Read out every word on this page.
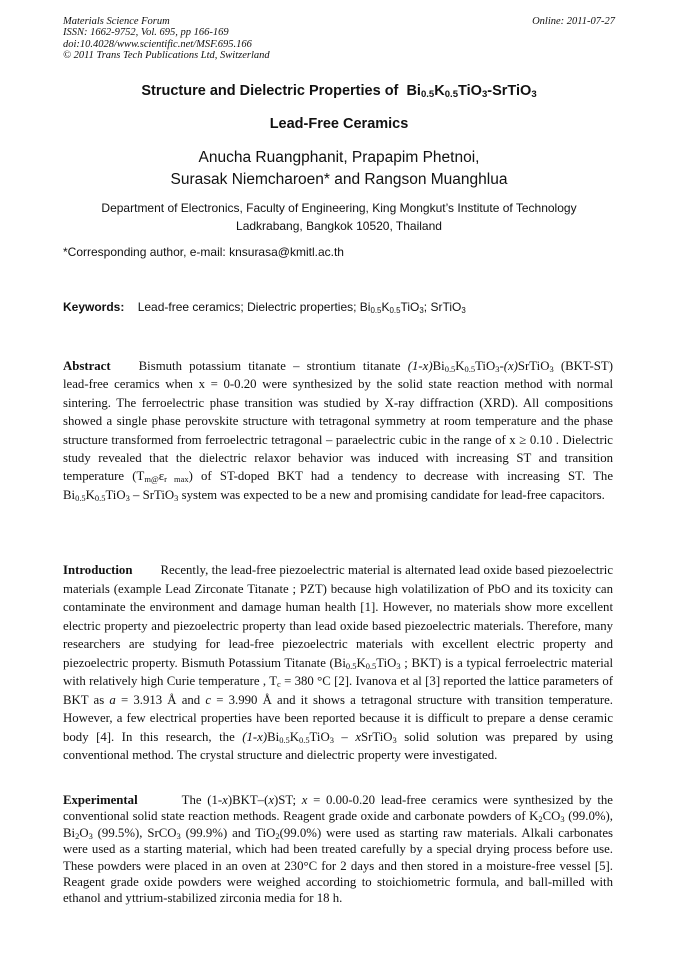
Materials Science Forum
ISSN: 1662-9752, Vol. 695, pp 166-169
doi:10.4028/www.scientific.net/MSF.695.166
© 2011 Trans Tech Publications Ltd, Switzerland
Online: 2011-07-27
Structure and Dielectric Properties of $Bi_{0.5}K_{0.5}TiO_3-SrTiO_3$
Lead-Free Ceramics
Anucha Ruangphanit, Prapapim Phetnoi,
Surasak Niemcharoen* and Rangson Muanghlua
Department of Electronics, Faculty of Engineering, King Mongkut’s Institute of Technology
Ladkrabang, Bangkok 10520, Thailand
*Corresponding author, e-mail: knsurasa@kmitl.ac.th
Keywords: Lead-free ceramics; Dielectric properties; $Bi_{0.5}K_{0.5}TiO_3$; SrTiO$_3$
Abstract Bismuth potassium titanate – strontium titanate $(1-x)Bi_{0.5}K_{0.5}TiO_3-(x)SrTiO_3$ (BKT-ST) lead-free ceramics when x = 0-0.20 were synthesized by the solid state reaction method with normal sintering. The ferroelectric phase transition was studied by X-ray diffraction (XRD). All compositions showed a single phase perovskite structure with tetragonal symmetry at room temperature and the phase structure transformed from ferroelectric tetragonal – paraelectric cubic in the range of x ≥ 0.10 . Dielectric study revealed that the dielectric relaxor behavior was induced with increasing ST and transition temperature $(T_{m@}\varepsilon_{r max})$ of ST-doped BKT had a tendency to decrease with increasing ST. The $Bi_{0.5}K_{0.5}TiO_3$ – SrTiO$_3$ system was expected to be a new and promising candidate for lead-free capacitors.
Introduction Recently, the lead-free piezoelectric material is alternated lead oxide based piezoelectric materials (example Lead Zirconate Titanate ; PZT) because high volatilization of PbO and its toxicity can contaminate the environment and damage human health [1]. However, no materials show more excellent electric property and piezoelectric property than lead oxide based piezoelectric materials. Therefore, many researchers are studying for lead-free piezoelectric materials with excellent electric property and piezoelectric property. Bismuth Potassium Titanate ($Bi_{0.5}K_{0.5}TiO_3$ ; BKT) is a typical ferroelectric material with relatively high Curie temperature , $T_c = 380$ °C [2]. Ivanova et al [3] reported the lattice parameters of BKT as a = 3.913 Å and c = 3.990 Å and it shows a tetragonal structure with transition temperature. However, a few electrical properties have been reported because it is difficult to prepare a dense ceramic body [4]. In this research, the $(1-x)Bi_{0.5}K_{0.5}TiO_3$ – xSrTiO$_3$ solid solution was prepared by using conventional method. The crystal structure and dielectric property were investigated.
Experimental	The (1-x)BKT–(x)ST; x = 0.00-0.20 lead-free ceramics were synthesized by the conventional solid state reaction methods. Reagent grade oxide and carbonate powders of $K_2CO_3$ (99.0%), $Bi_2O_3$ (99.5%), SrCO$_3$ (99.9%) and TiO$_2$(99.0%) were used as starting raw materials. Alkali carbonates were used as a starting material, which had been treated carefully by a special drying process before use. These powders were placed in an oven at 230°C for 2 days and then stored in a moisture-free vessel [5]. Reagent grade oxide powders were weighed according to stoichiometric formula, and ball-milled with ethanol and yttrium-stabilized zirconia media for 18 h.
